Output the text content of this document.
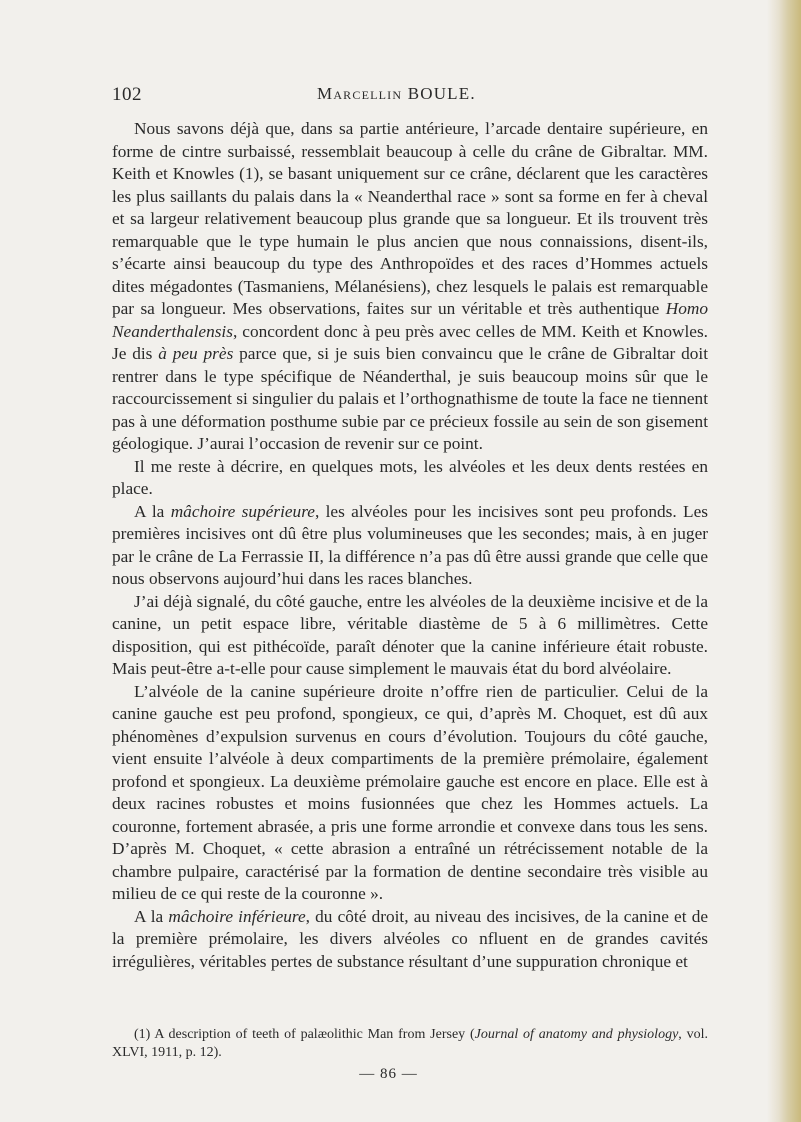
102	Marcellin BOULE.

Nous savons déjà que, dans sa partie antérieure, l’arcade dentaire supérieure, en forme de cintre surbaissé, ressemblait beaucoup à celle du crâne de Gibraltar. MM. Keith et Knowles (1), se basant uniquement sur ce crâne, déclarent que les caractères les plus saillants du palais dans la « Neanderthal race » sont sa forme en fer à cheval et sa largeur relativement beaucoup plus grande que sa longueur. Et ils trouvent très remarquable que le type humain le plus ancien que nous connaissions, disent-ils, s’écarte ainsi beaucoup du type des Anthropoïdes et des races d’Hommes actuels dites mégadontes (Tasmaniens, Mélanésiens), chez lesquels le palais est remarquable par sa longueur. Mes observations, faites sur un véritable et très authentique Homo Neanderthalensis, concordent donc à peu près avec celles de MM. Keith et Knowles. Je dis à peu près parce que, si je suis bien convaincu que le crâne de Gibraltar doit rentrer dans le type spécifique de Néanderthal, je suis beaucoup moins sûr que le raccourcissement si singulier du palais et l’orthognathisme de toute la face ne tiennent pas à une déformation posthume subie par ce précieux fossile au sein de son gisement géologique. J’aurai l’occasion de revenir sur ce point.

Il me reste à décrire, en quelques mots, les alvéoles et les deux dents restées en place.

A la mâchoire supérieure, les alvéoles pour les incisives sont peu profonds. Les premières incisives ont dû être plus volumineuses que les secondes; mais, à en juger par le crâne de La Ferrassie II, la différence n’a pas dû être aussi grande que celle que nous observons aujourd’hui dans les races blanches.

J’ai déjà signalé, du côté gauche, entre les alvéoles de la deuxième incisive et de la canine, un petit espace libre, véritable diastème de 5 à 6 millimètres. Cette disposition, qui est pithécoïde, paraît dénoter que la canine inférieure était robuste. Mais peut-être a-t-elle pour cause simplement le mauvais état du bord alvéolaire.

L’alvéole de la canine supérieure droite n’offre rien de particulier. Celui de la canine gauche est peu profond, spongieux, ce qui, d’après M. Choquet, est dû aux phénomènes d’expulsion survenus en cours d’évolution. Toujours du côté gauche, vient ensuite l’alvéole à deux compartiments de la première prémolaire, également profond et spongieux. La deuxième prémolaire gauche est encore en place. Elle est à deux racines robustes et moins fusionnées que chez les Hommes actuels. La couronne, fortement abrasée, a pris une forme arrondie et convexe dans tous les sens. D’après M. Choquet, « cette abrasion a entraîné un rétrécissement notable de la chambre pulpaire, caractérisé par la formation de dentine secondaire très visible au milieu de ce qui reste de la couronne ».

A la mâchoire inférieure, du côté droit, au niveau des incisives, de la canine et de la première prémolaire, les divers alvéoles co nfluent en de grandes cavités irrégulières, véritables pertes de substance résultant d’une suppuration chronique et

(1) A description of teeth of palæolithic Man from Jersey (Journal of anatomy and physiology, vol. XLVI, 1911, p. 12).

— 86 —
